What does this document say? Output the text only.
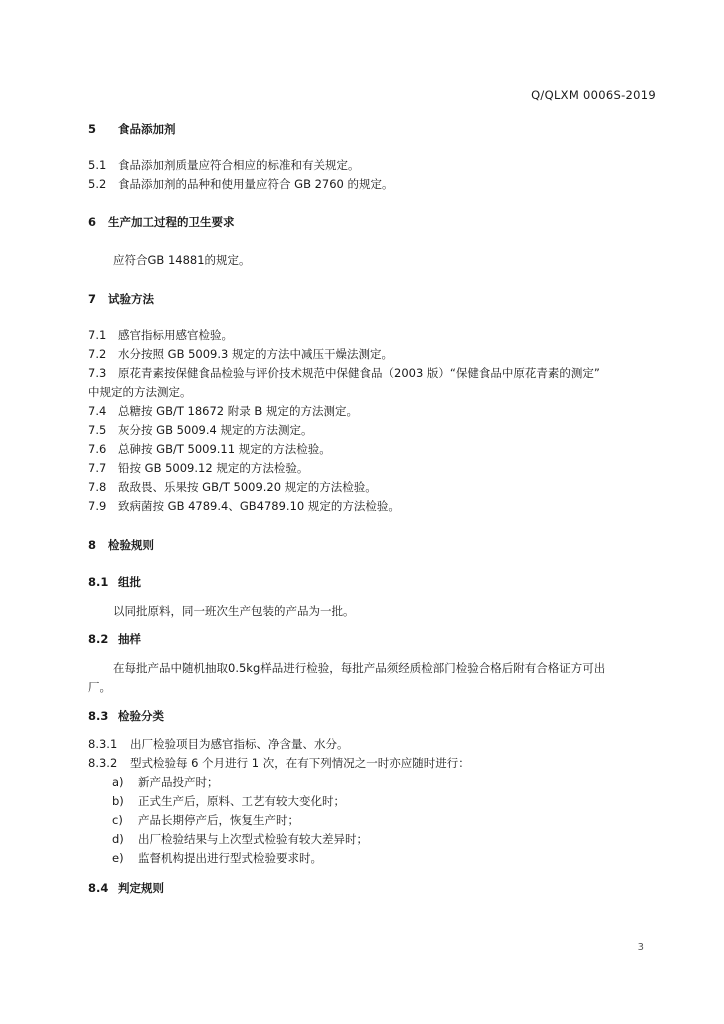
Q/QLXM 0006S-2019
5 食品添加剂
5.1 食品添加剂质量应符合相应的标准和有关规定。
5.2 食品添加剂的品种和使用量应符合 GB 2760 的规定。
6 生产加工过程的卫生要求
应符合GB 14881的规定。
7 试验方法
7.1 感官指标用感官检验。
7.2 水分按照 GB 5009.3 规定的方法中减压干燥法测定。
7.3 原花青素按保健食品检验与评价技术规范中保健食品（2003 版）“保健食品中原花青素的测定”
中规定的方法测定。
7.4 总糖按 GB/T 18672 附录 B 规定的方法测定。
7.5 灰分按 GB 5009.4 规定的方法测定。
7.6 总砷按 GB/T 5009.11 规定的方法检验。
7.7 铅按 GB 5009.12 规定的方法检验。
7.8 敌敌畏、乐果按 GB/T 5009.20 规定的方法检验。
7.9 致病菌按 GB 4789.4、GB4789.10 规定的方法检验。
8 检验规则
8.1 组批
以同批原料，同一班次生产包装的产品为一批。
8.2 抽样
在每批产品中随机抽取0.5kg样品进行检验，每批产品须经质检部门检验合格后附有合格证方可出
厂。
8.3 检验分类
8.3.1 出厂检验项目为感官指标、净含量、水分。
8.3.2 型式检验每 6 个月进行 1 次，在有下列情况之一时亦应随时进行：
a) 新产品投产时；
b) 正式生产后，原料、工艺有较大变化时；
c) 产品长期停产后，恢复生产时；
d) 出厂检验结果与上次型式检验有较大差异时；
e) 监督机构提出进行型式检验要求时。
8.4 判定规则
3
